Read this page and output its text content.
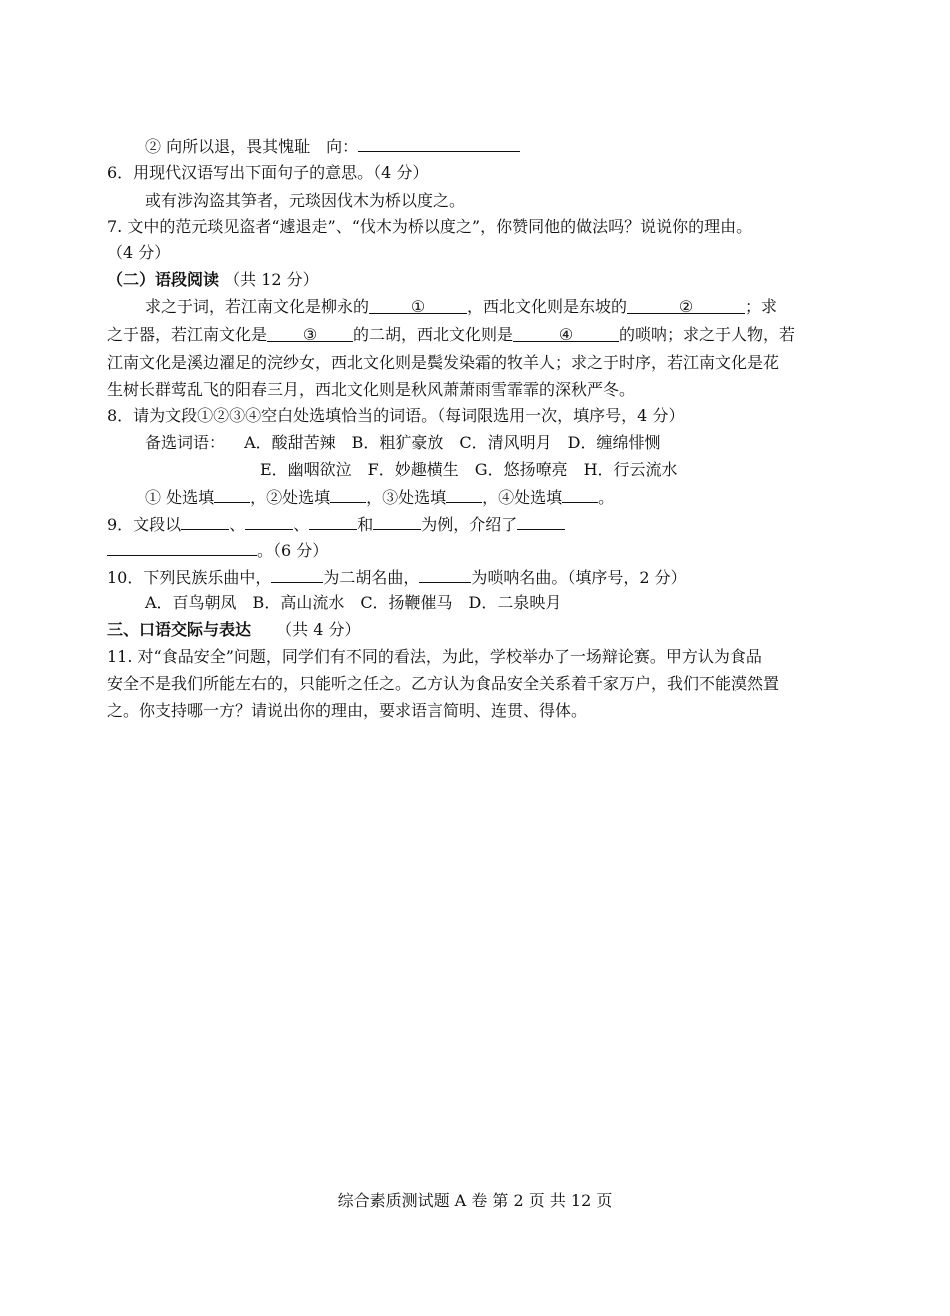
② 向所以退，畏其愧耻　向：
6．用现代汉语写出下面句子的意思。（4 分）
或有涉沟盗其笋者，元琰因伐木为桥以度之。
7. 文中的范元琰见盗者“遽退走”、“伐木为桥以度之”，你赞同他的做法吗？说说你的理由。
（4 分）
（二）语段阅读 （共 12 分）
求之于词，若江南文化是柳永的	①	，西北文化则是东坡的	②	；求
之于器，若江南文化是 ③ 的二胡，西北文化则是	④	的唢呐；求之于人物，若
江南文化是溪边濯足的浣纱女，西北文化则是鬓发染霜的牧羊人；求之于时序，若江南文化是花
生树长群莺乱飞的阳春三月，西北文化则是秋风萧萧雨雪霏霏的深秋严冬。
8．请为文段①②③④空白处选填恰当的词语。（每词限选用一次，填序号，4 分）
备选词语： A．酸甜苦辣　B．粗犷豪放　C．清风明月　D．缠绵悱恻
E．幽咽欲泣　F．妙趣横生　G．悠扬嘹亮　H．行云流水
① 处选填 ，②处选填 ，③处选填 ，④处选填 。
9．文段以	、	、	和	为例，介绍了
。（6 分）
10．下列民族乐曲中，	为二胡名曲，	为唢呐名曲。（填序号，2 分）
A．百鸟朝凤　B．高山流水　C．扬鞭催马　D．二泉映月
三、口语交际与表达 （共 4 分）
11. 对“食品安全”问题，同学们有不同的看法，为此，学校举办了一场辩论赛。甲方认为食品
安全不是我们所能左右的，只能听之任之。乙方认为食品安全关系着千家万户，我们不能漠然置
之。你支持哪一方？请说出你的理由，要求语言简明、连贯、得体。
综合素质测试题 A 卷 第 2 页 共 12 页
